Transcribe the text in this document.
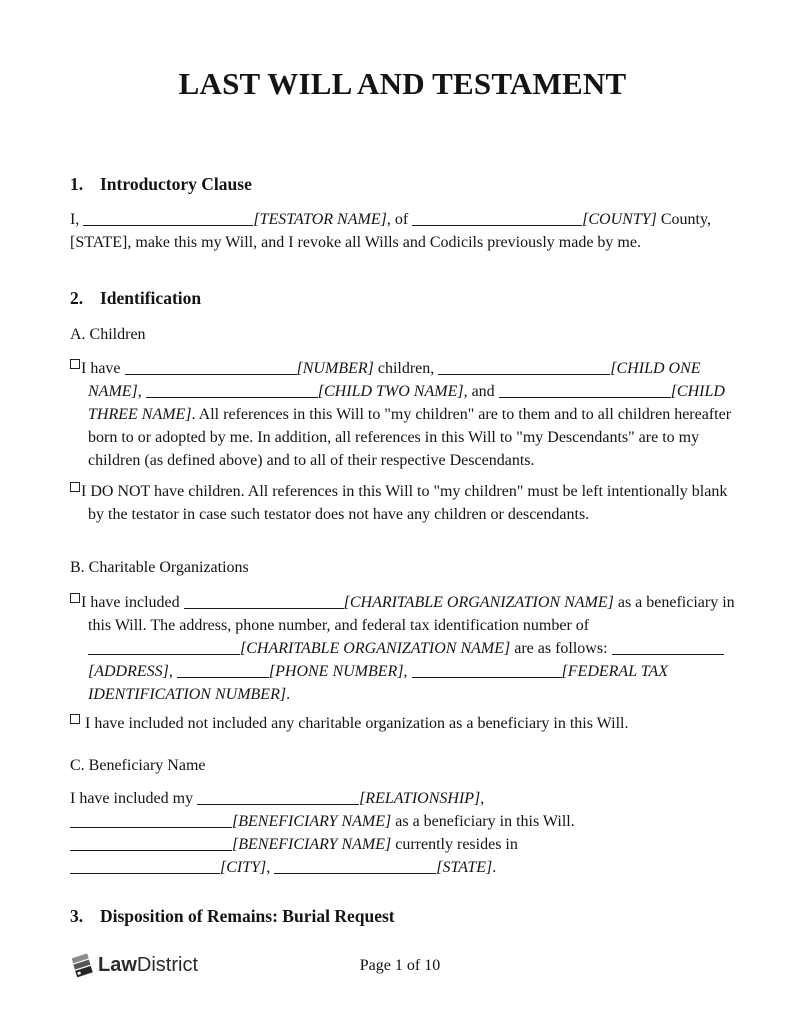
LAST WILL AND TESTAMENT
1. Introductory Clause
I,	[TESTATOR NAME], of	[COUNTY] County, [STATE], make this my Will, and I revoke all Wills and Codicils previously made by me.
2. Identification
A. Children
I have	[NUMBER] children,	[CHILD ONE NAME],	[CHILD TWO NAME], and	[CHILD THREE NAME]. All references in this Will to "my children" are to them and to all children hereafter born to or adopted by me. In addition, all references in this Will to "my Descendants" are to my children (as defined above) and to all of their respective Descendants.
I DO NOT have children. All references in this Will to "my children" must be left intentionally blank by the testator in case such testator does not have any children or descendants.
B. Charitable Organizations
I have included	[CHARITABLE ORGANIZATION NAME] as a beneficiary in this Will. The address, phone number, and federal tax identification number of [CHARITABLE ORGANIZATION NAME] are as follows: [ADDRESS],	[PHONE NUMBER],	[FEDERAL TAX IDENTIFICATION NUMBER].
I have included not included any charitable organization as a beneficiary in this Will.
C. Beneficiary Name
I have included my	[RELATIONSHIP],
[BENEFICIARY NAME] as a beneficiary in this Will.
[BENEFICIARY NAME] currently resides in
[CITY],	[STATE].
3. Disposition of Remains: Burial Request
Law District	Page 1 of 10
